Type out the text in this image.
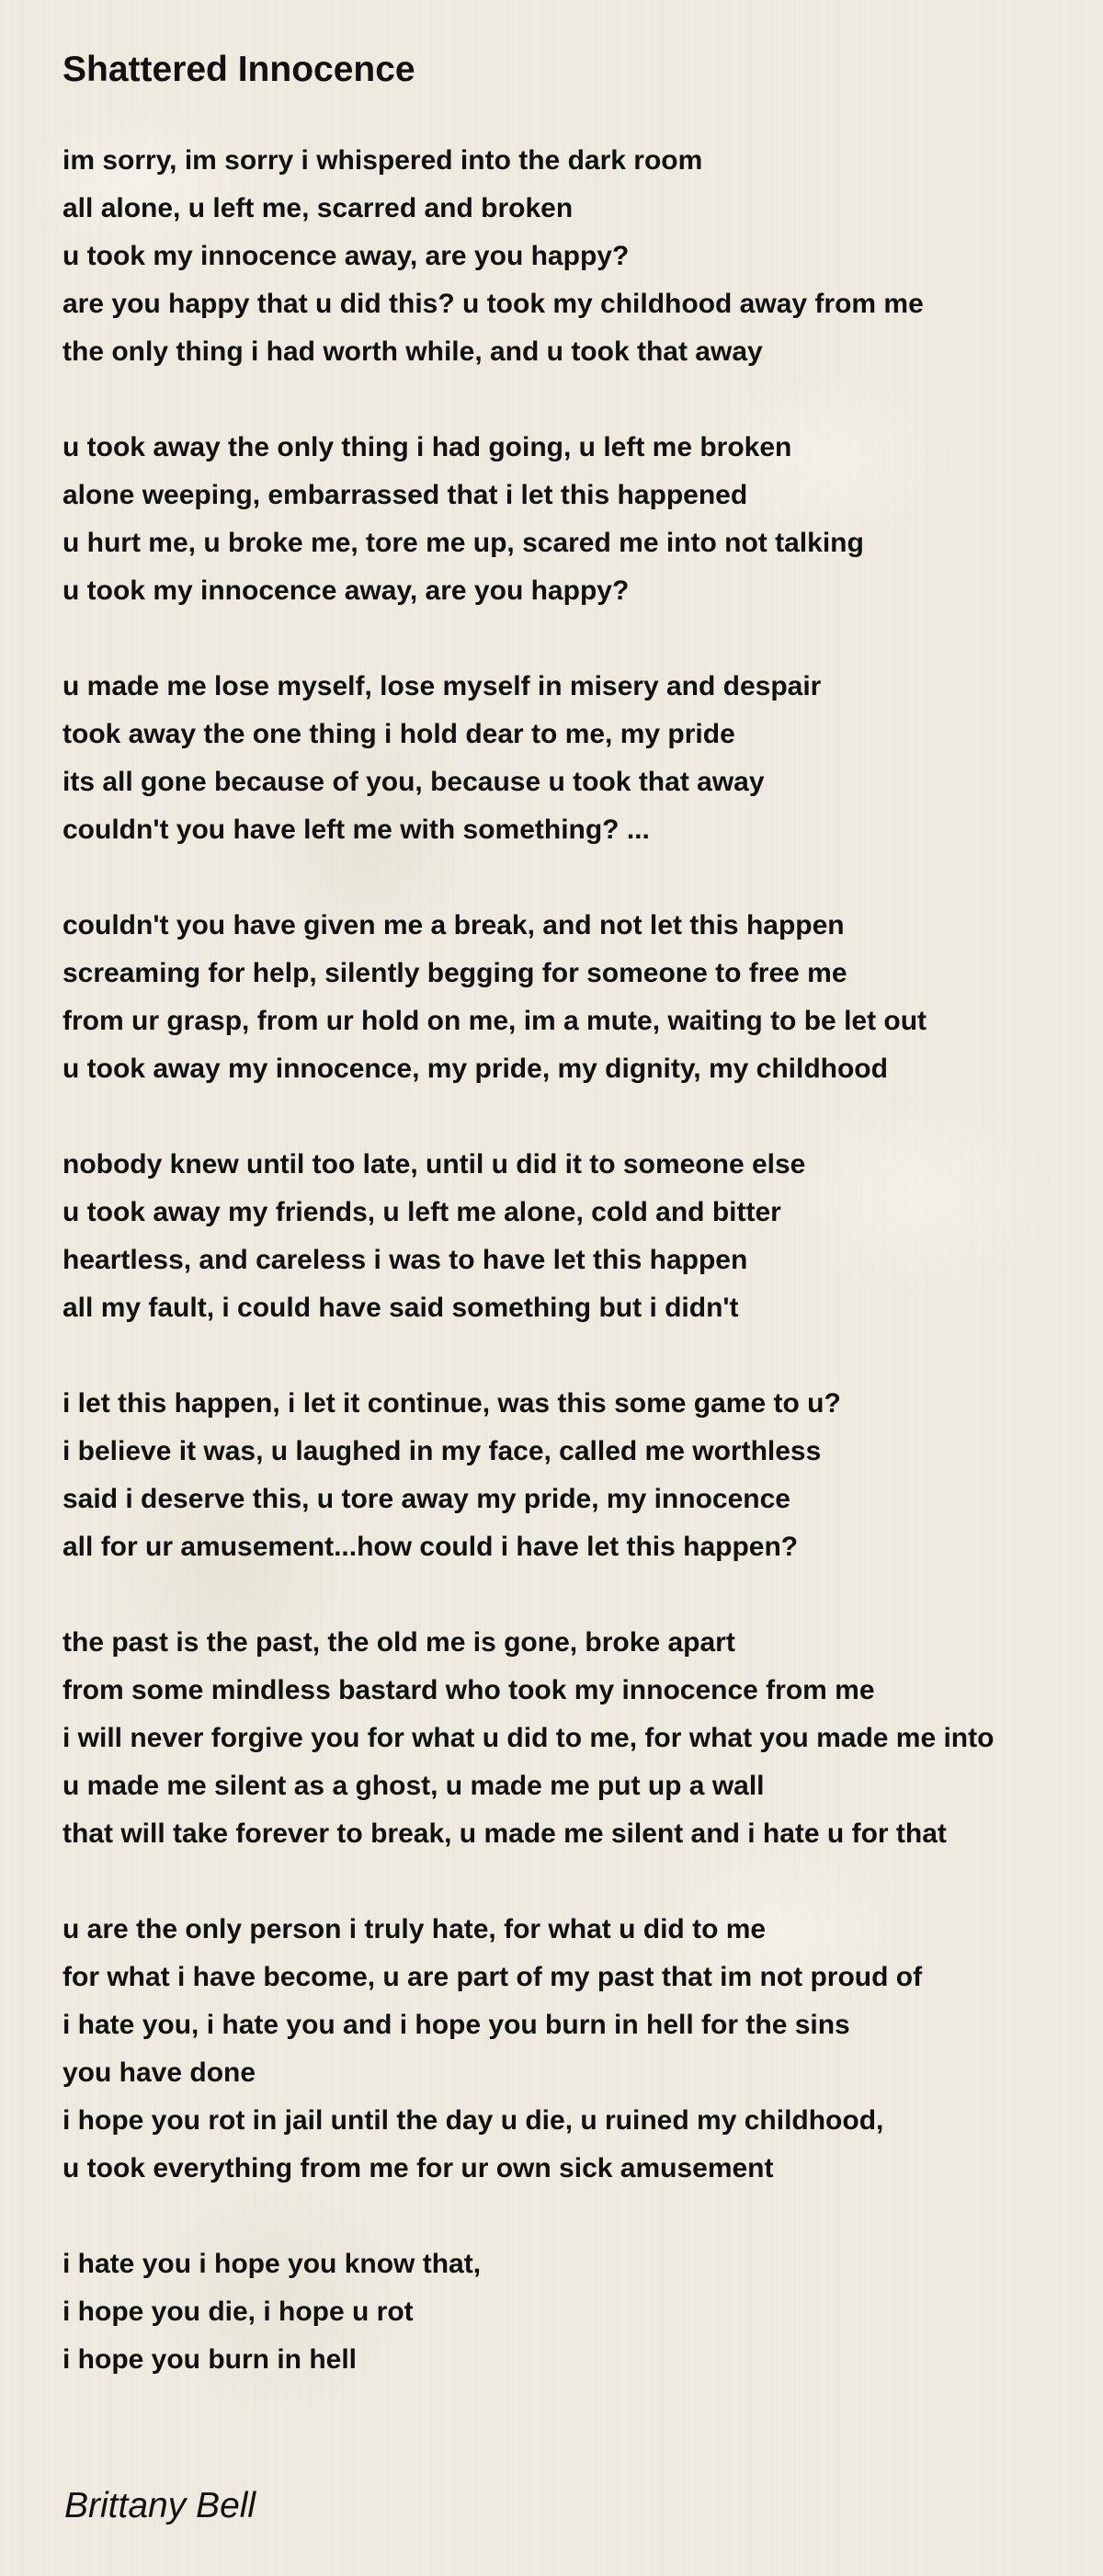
Shattered Innocence
im sorry, im sorry i whispered into the dark room
all alone, u left me, scarred and broken
u took my innocence away, are you happy?
are you happy that u did this? u took my childhood away from me
the only thing i had worth while, and u took that away
u took away the only thing i had going, u left me broken
alone weeping, embarrassed that i let this happened
u hurt me, u broke me, tore me up, scared me into not talking
u took my innocence away, are you happy?
u made me lose myself, lose myself in misery and despair
took away the one thing i hold dear to me, my pride
its all gone because of you, because u took that away
couldn't you have left me with something? ...
couldn't you have given me a break, and not let this happen
screaming for help, silently begging for someone to free me
from ur grasp, from ur hold on me, im a mute, waiting to be let out
u took away my innocence, my pride, my dignity, my childhood
nobody knew until too late, until u did it to someone else
u took away my friends, u left me alone, cold and bitter
heartless, and careless i was to have let this happen
all my fault, i could have said something but i didn't
i let this happen, i let it continue, was this some game to u?
i believe it was, u laughed in my face, called me worthless
said i deserve this, u tore away my pride, my innocence
all for ur amusement...how could i have let this happen?
the past is the past, the old me is gone, broke apart
from some mindless bastard who took my innocence from me
i will never forgive you for what u did to me, for what you made me into
u made me silent as a ghost, u made me put up a wall
that will take forever to break, u made me silent and i hate u for that
u are the only person i truly hate, for what u did to me
for what i have become, u are part of my past that im not proud of
i hate you, i hate you and i hope you burn in hell for the sins
you have done
i hope you rot in jail until the day u die, u ruined my childhood,
u took everything from me for ur own sick amusement
i hate you i hope you know that,
i hope you die, i hope u rot
i hope you burn in hell

Brittany Bell
